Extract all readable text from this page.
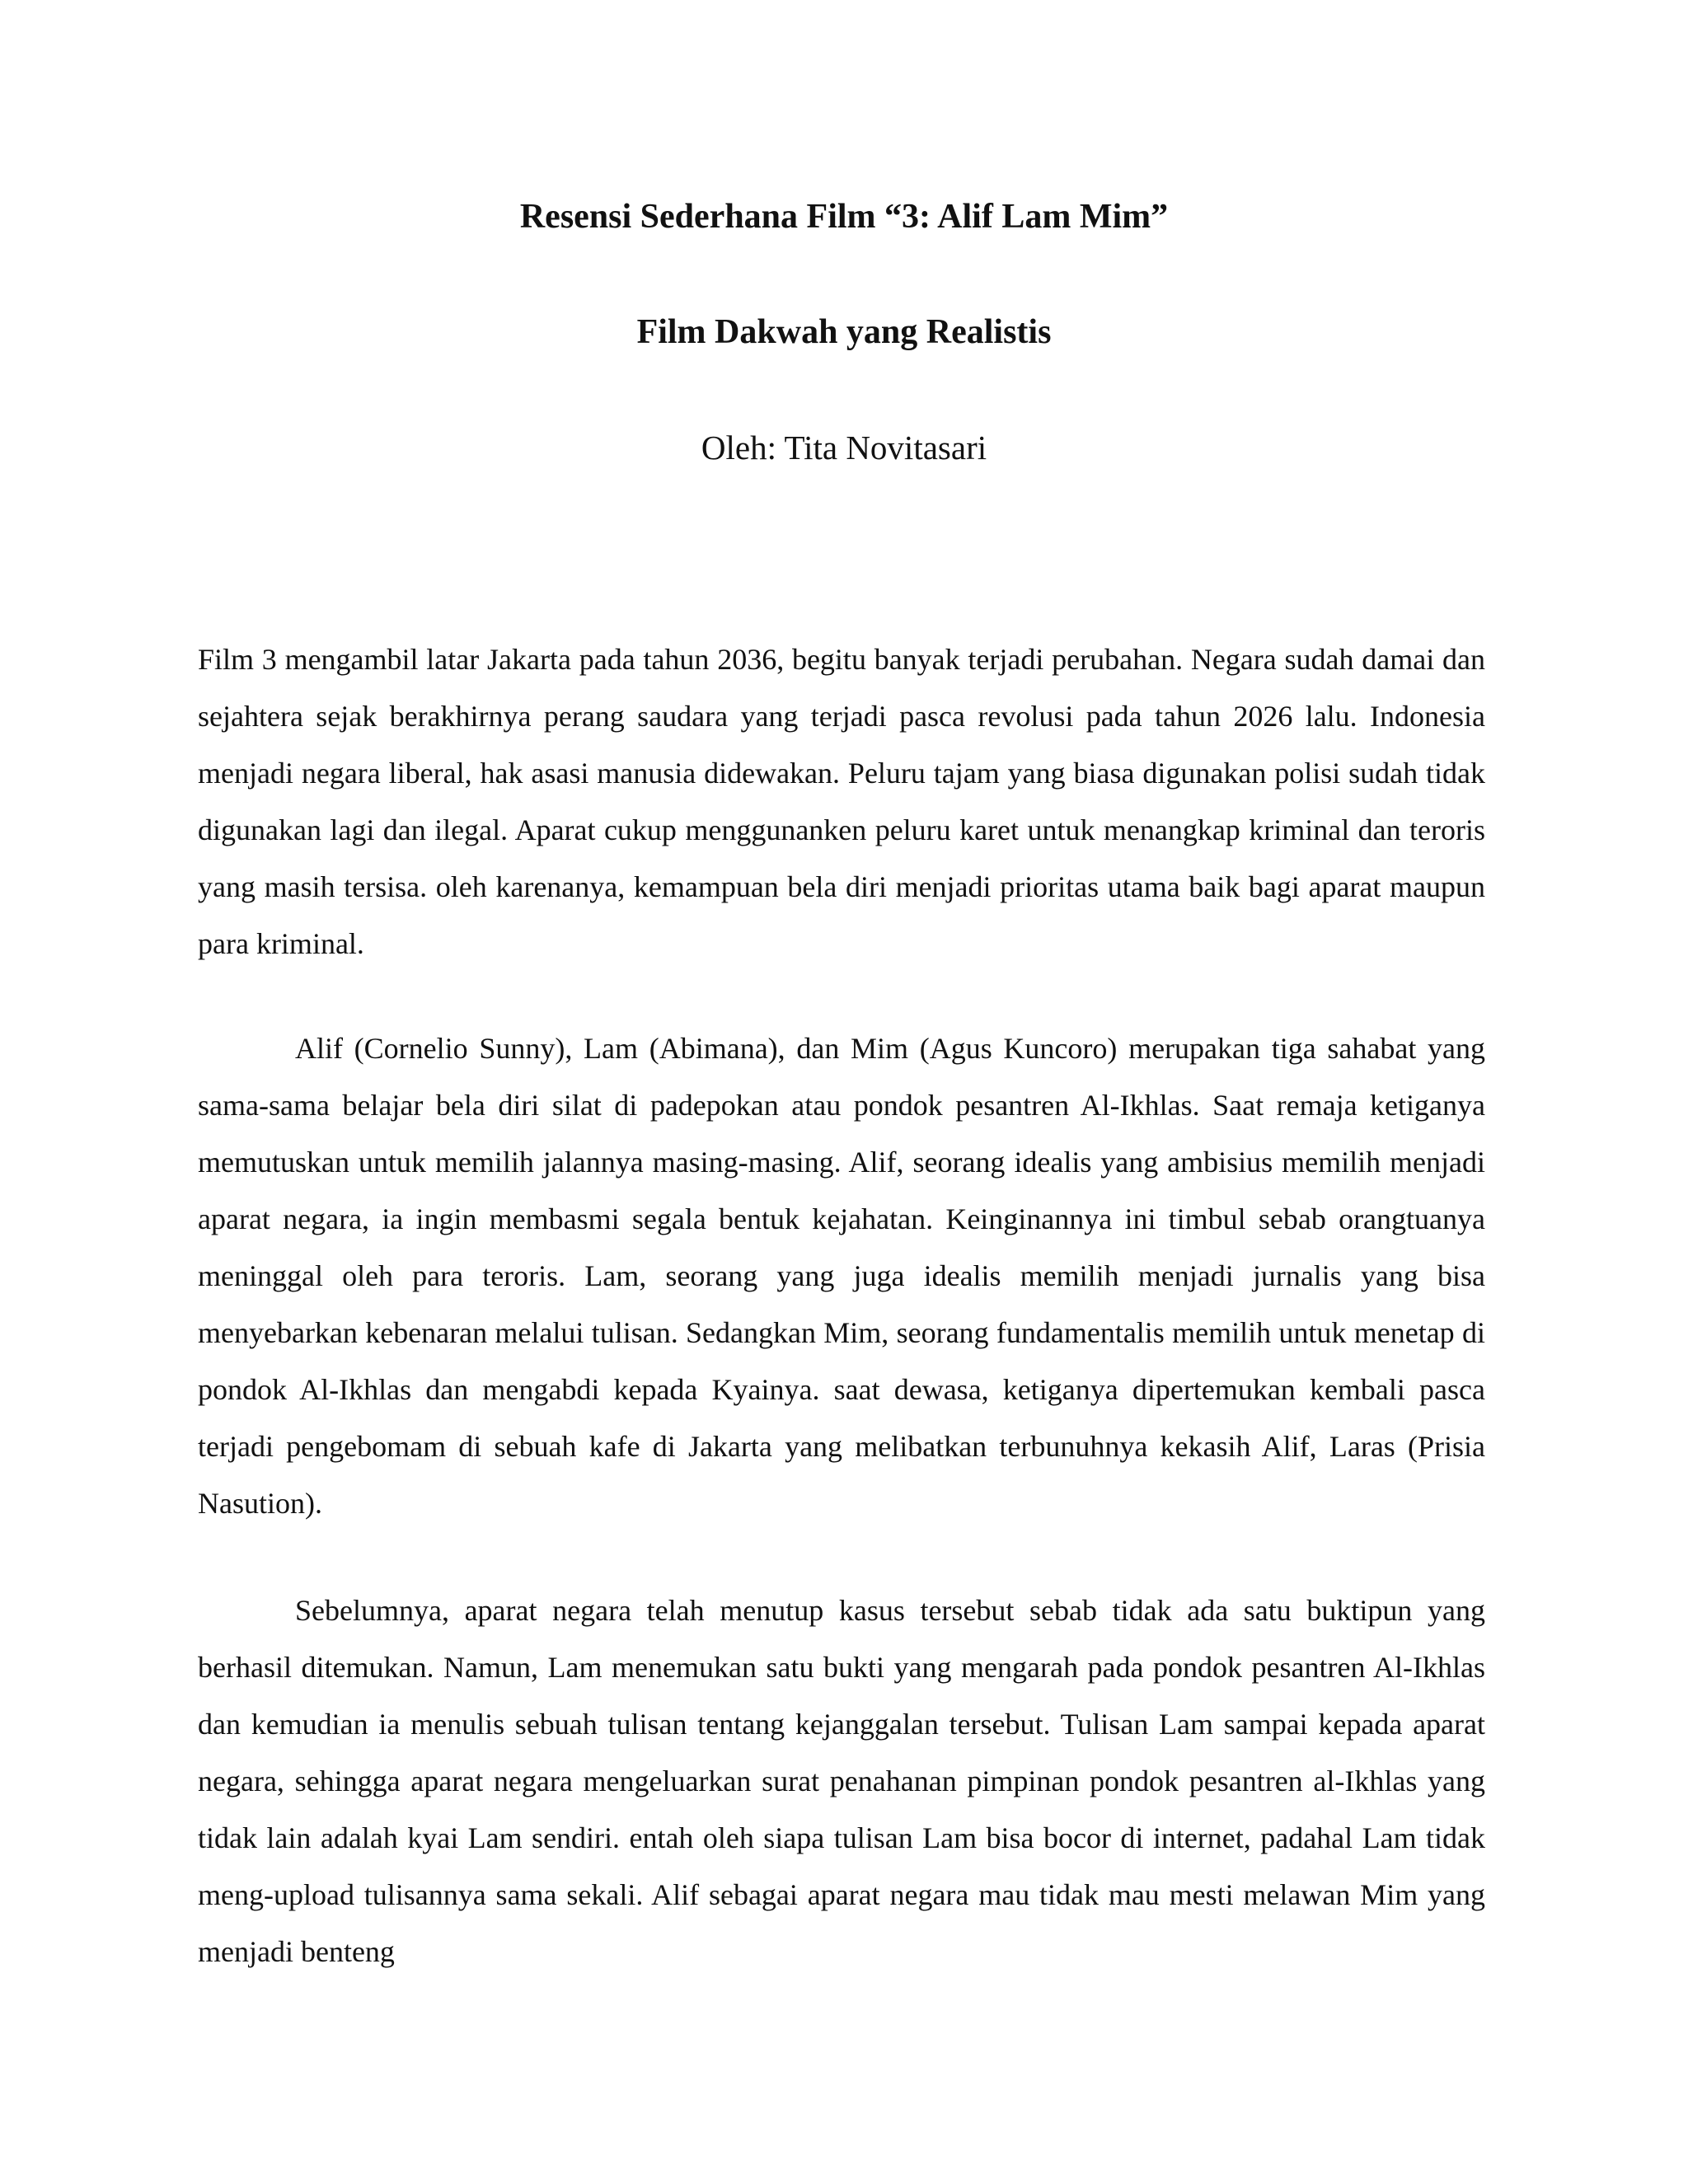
Resensi Sederhana Film “3: Alif Lam Mim”
Film Dakwah yang Realistis

Oleh: Tita Novitasari

Film 3 mengambil latar Jakarta pada tahun 2036, begitu banyak terjadi perubahan. Negara sudah damai dan sejahtera sejak berakhirnya perang saudara yang terjadi pasca revolusi pada tahun 2026 lalu. Indonesia menjadi negara liberal, hak asasi manusia didewakan. Peluru tajam yang biasa digunakan polisi sudah tidak digunakan lagi dan ilegal. Aparat cukup menggunanken peluru karet untuk menangkap kriminal dan teroris yang masih tersisa. oleh karenanya, kemampuan bela diri menjadi prioritas utama baik bagi aparat maupun para kriminal.

Alif (Cornelio Sunny), Lam (Abimana), dan Mim (Agus Kuncoro) merupakan tiga sahabat yang sama-sama belajar bela diri silat di padepokan atau pondok pesantren Al-Ikhlas. Saat remaja ketiganya memutuskan untuk memilih jalannya masing-masing. Alif, seorang idealis yang ambisius memilih menjadi aparat negara, ia ingin membasmi segala bentuk kejahatan. Keinginannya ini timbul sebab orangtuanya meninggal oleh para teroris. Lam, seorang yang juga idealis memilih menjadi jurnalis yang bisa menyebarkan kebenaran melalui tulisan. Sedangkan Mim, seorang fundamentalis memilih untuk menetap di pondok Al-Ikhlas dan mengabdi kepada Kyainya. saat dewasa, ketiganya dipertemukan kembali pasca terjadi pengebomam di sebuah kafe di Jakarta yang melibatkan terbunuhnya kekasih Alif, Laras (Prisia Nasution).

Sebelumnya, aparat negara telah menutup kasus tersebut sebab tidak ada satu buktipun yang berhasil ditemukan. Namun, Lam menemukan satu bukti yang mengarah pada pondok pesantren Al-Ikhlas dan kemudian ia menulis sebuah tulisan tentang kejanggalan tersebut. Tulisan Lam sampai kepada aparat negara, sehingga aparat negara mengeluarkan surat penahanan pimpinan pondok pesantren al-Ikhlas yang tidak lain adalah kyai Lam sendiri. entah oleh siapa tulisan Lam bisa bocor di internet, padahal Lam tidak meng-upload tulisannya sama sekali. Alif sebagai aparat negara mau tidak mau mesti melawan Mim yang menjadi benteng
